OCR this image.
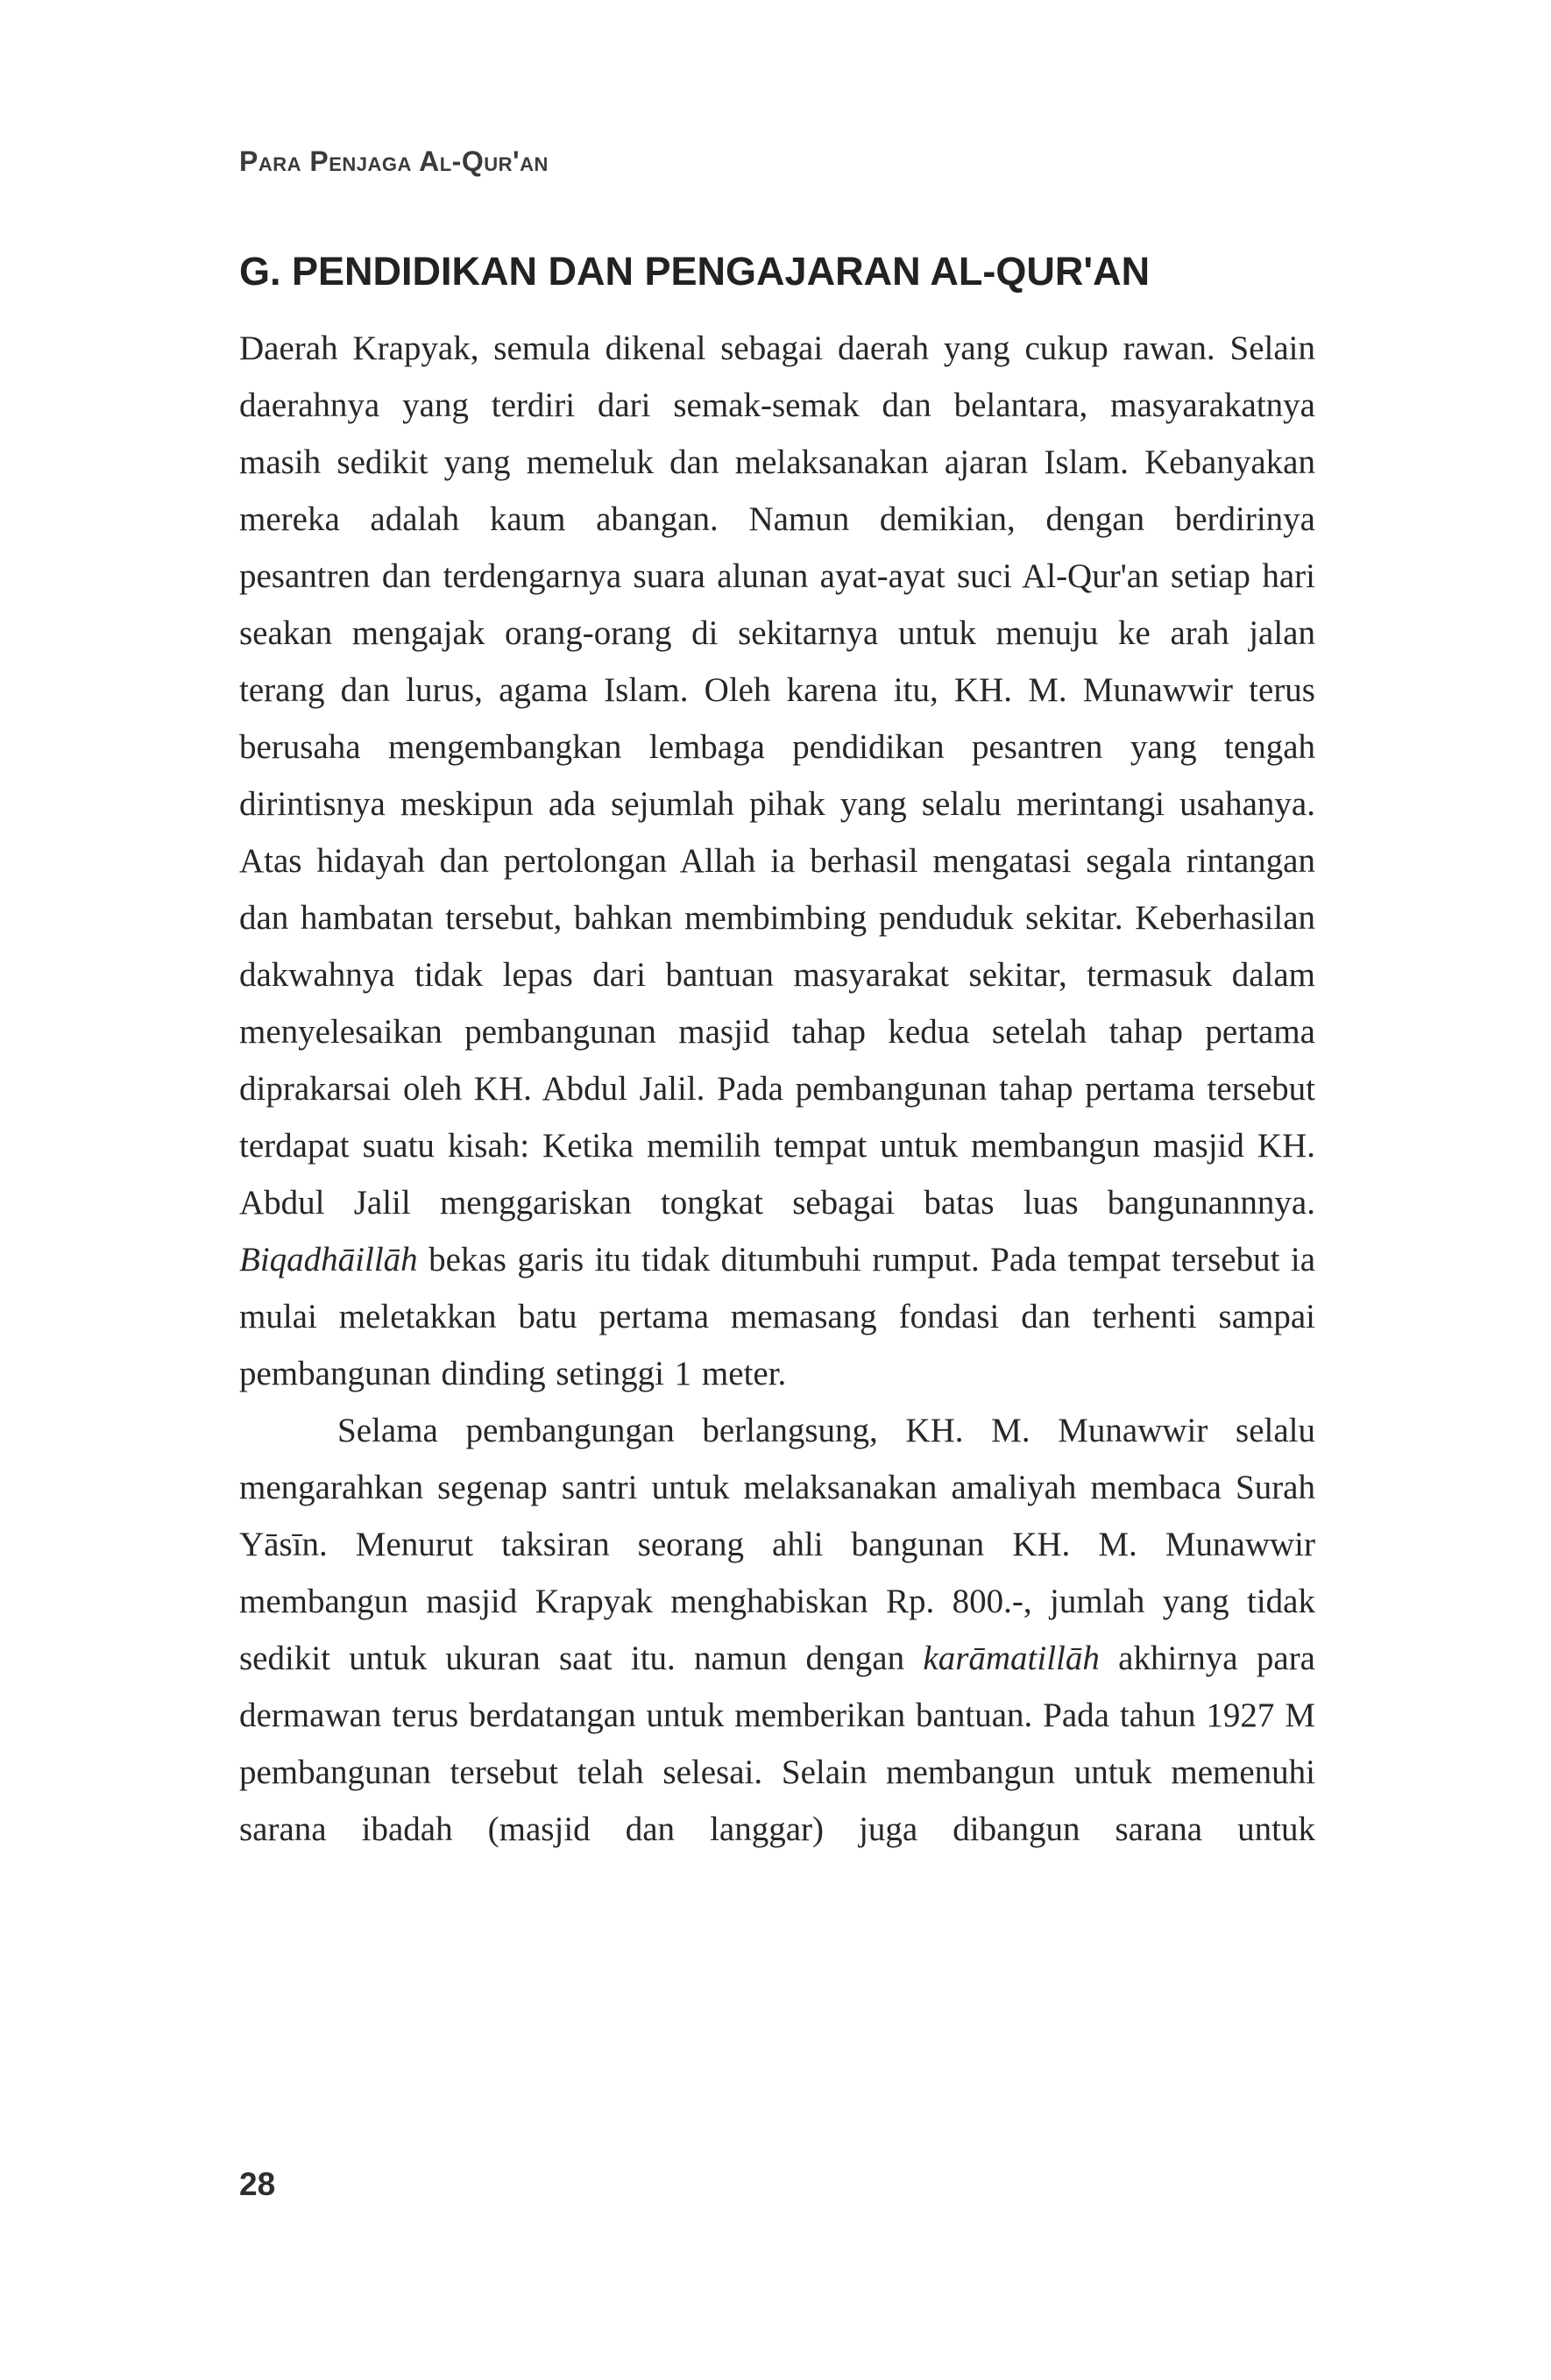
Para Penjaga Al-Qur'an
G. PENDIDIKAN DAN PENGAJARAN AL-QUR'AN

Daerah Krapyak, semula dikenal sebagai daerah yang cukup rawan. Selain daerahnya yang terdiri dari semak-semak dan belantara, masyarakatnya masih sedikit yang memeluk dan melaksanakan ajaran Islam. Kebanyakan mereka adalah kaum abangan. Namun demikian, dengan berdirinya pesantren dan terdengarnya suara alunan ayat-ayat suci Al-Qur'an setiap hari seakan mengajak orang-orang di sekitarnya untuk menuju ke arah jalan terang dan lurus, agama Islam. Oleh karena itu, KH. M. Munawwir terus berusaha mengembangkan lembaga pendidikan pesantren yang tengah dirintisnya meskipun ada sejumlah pihak yang selalu merintangi usahanya. Atas hidayah dan pertolongan Allah ia berhasil mengatasi segala rintangan dan hambatan tersebut, bahkan membimbing penduduk sekitar. Keberhasilan dakwahnya tidak lepas dari bantuan masyarakat sekitar, termasuk dalam menyelesaikan pembangunan masjid tahap kedua setelah tahap pertama diprakarsai oleh KH. Abdul Jalil. Pada pembangunan tahap pertama tersebut terdapat suatu kisah: Ketika memilih tempat untuk membangun masjid KH. Abdul Jalil menggariskan tongkat sebagai batas luas bangunannnya. Biqadhāillāh bekas garis itu tidak ditumbuhi rumput. Pada tempat tersebut ia mulai meletakkan batu pertama memasang fondasi dan terhenti sampai pembangunan dinding setinggi 1 meter.

Selama pembangungan berlangsung, KH. M. Munawwir selalu mengarahkan segenap santri untuk melaksanakan amaliyah membaca Surah Yāsīn. Menurut taksiran seorang ahli bangunan KH. M. Munawwir membangun masjid Krapyak menghabiskan Rp. 800.-, jumlah yang tidak sedikit untuk ukuran saat itu. namun dengan karāmatillāh akhirnya para dermawan terus berdatangan untuk memberikan bantuan. Pada tahun 1927 M pembangunan tersebut telah selesai. Selain membangun untuk memenuhi sarana ibadah (masjid dan langgar) juga dibangun sarana untuk

28
